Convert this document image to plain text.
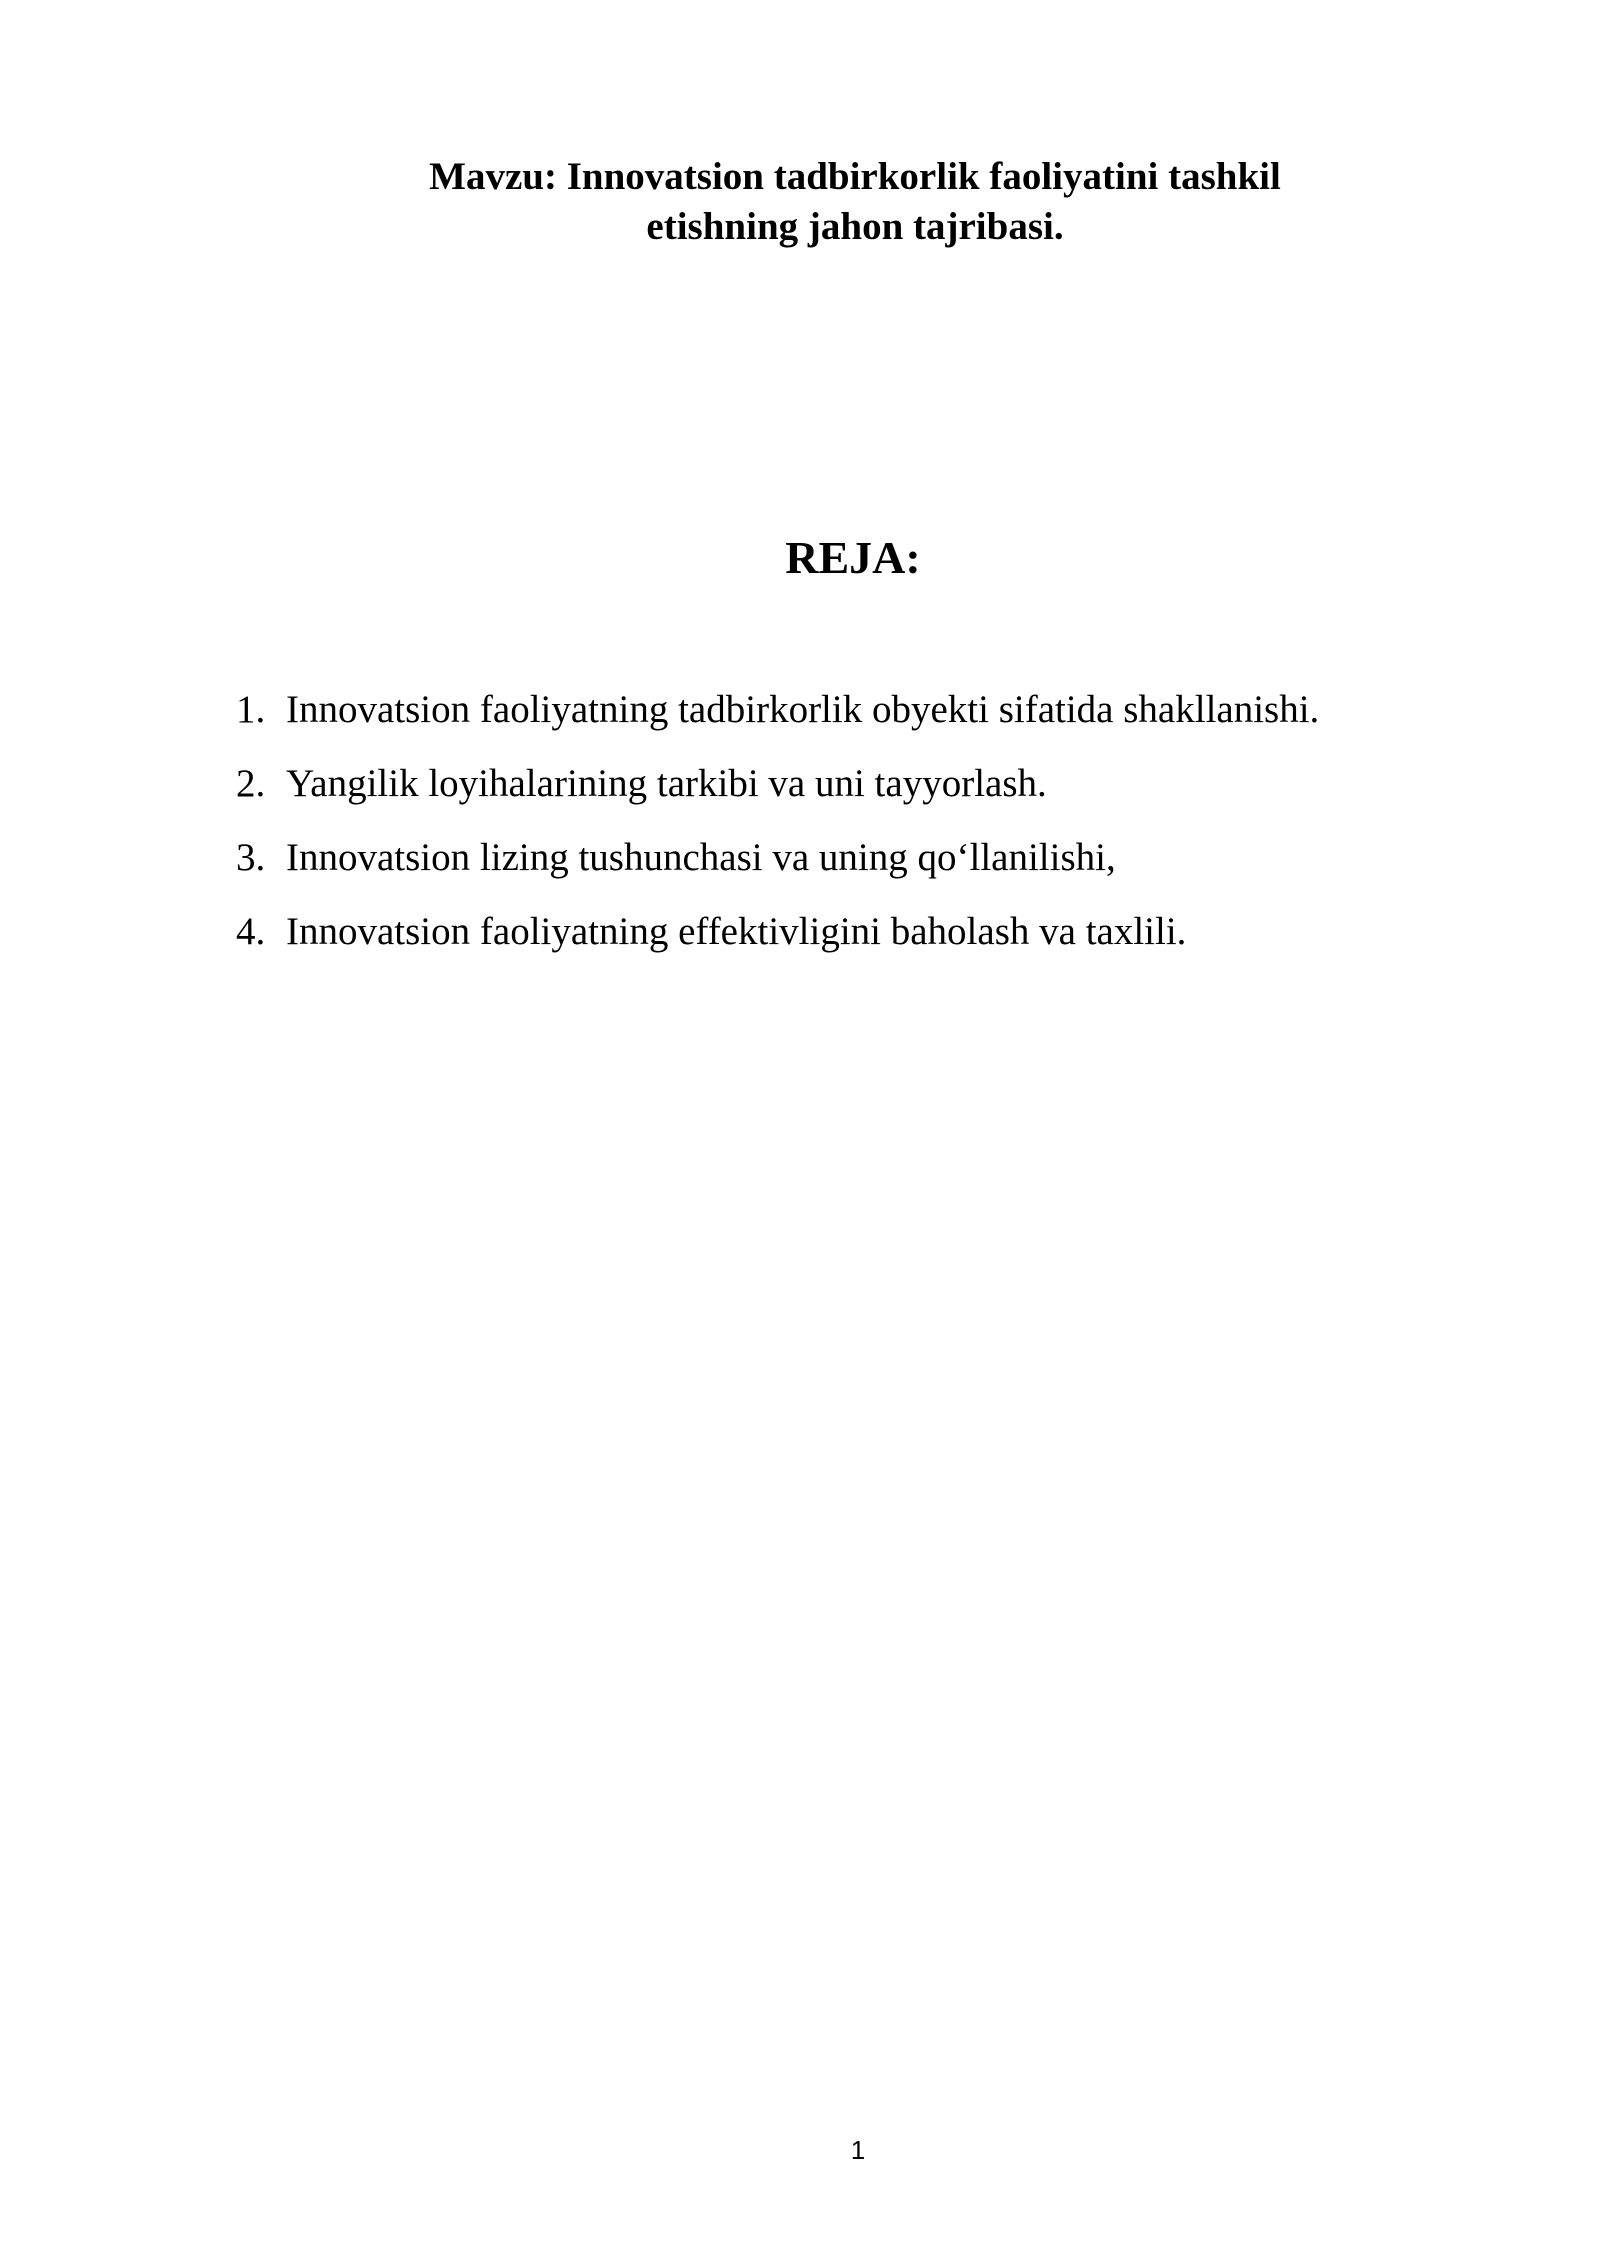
Mavzu: Innovatsion tadbirkorlik faoliyatini tashkil
etishning jahon tajribasi.
REJA:
1. Innovatsion faoliyatning tadbirkorlik obyekti sifatida shakllanishi.
2. Yangilik loyihalarining tarkibi va uni tayyorlash.
3. Innovatsion lizing tushunchasi va uning qo‘llanilishi,
4. Innovatsion faoliyatning effektivligini baholash va taxlili.
1
